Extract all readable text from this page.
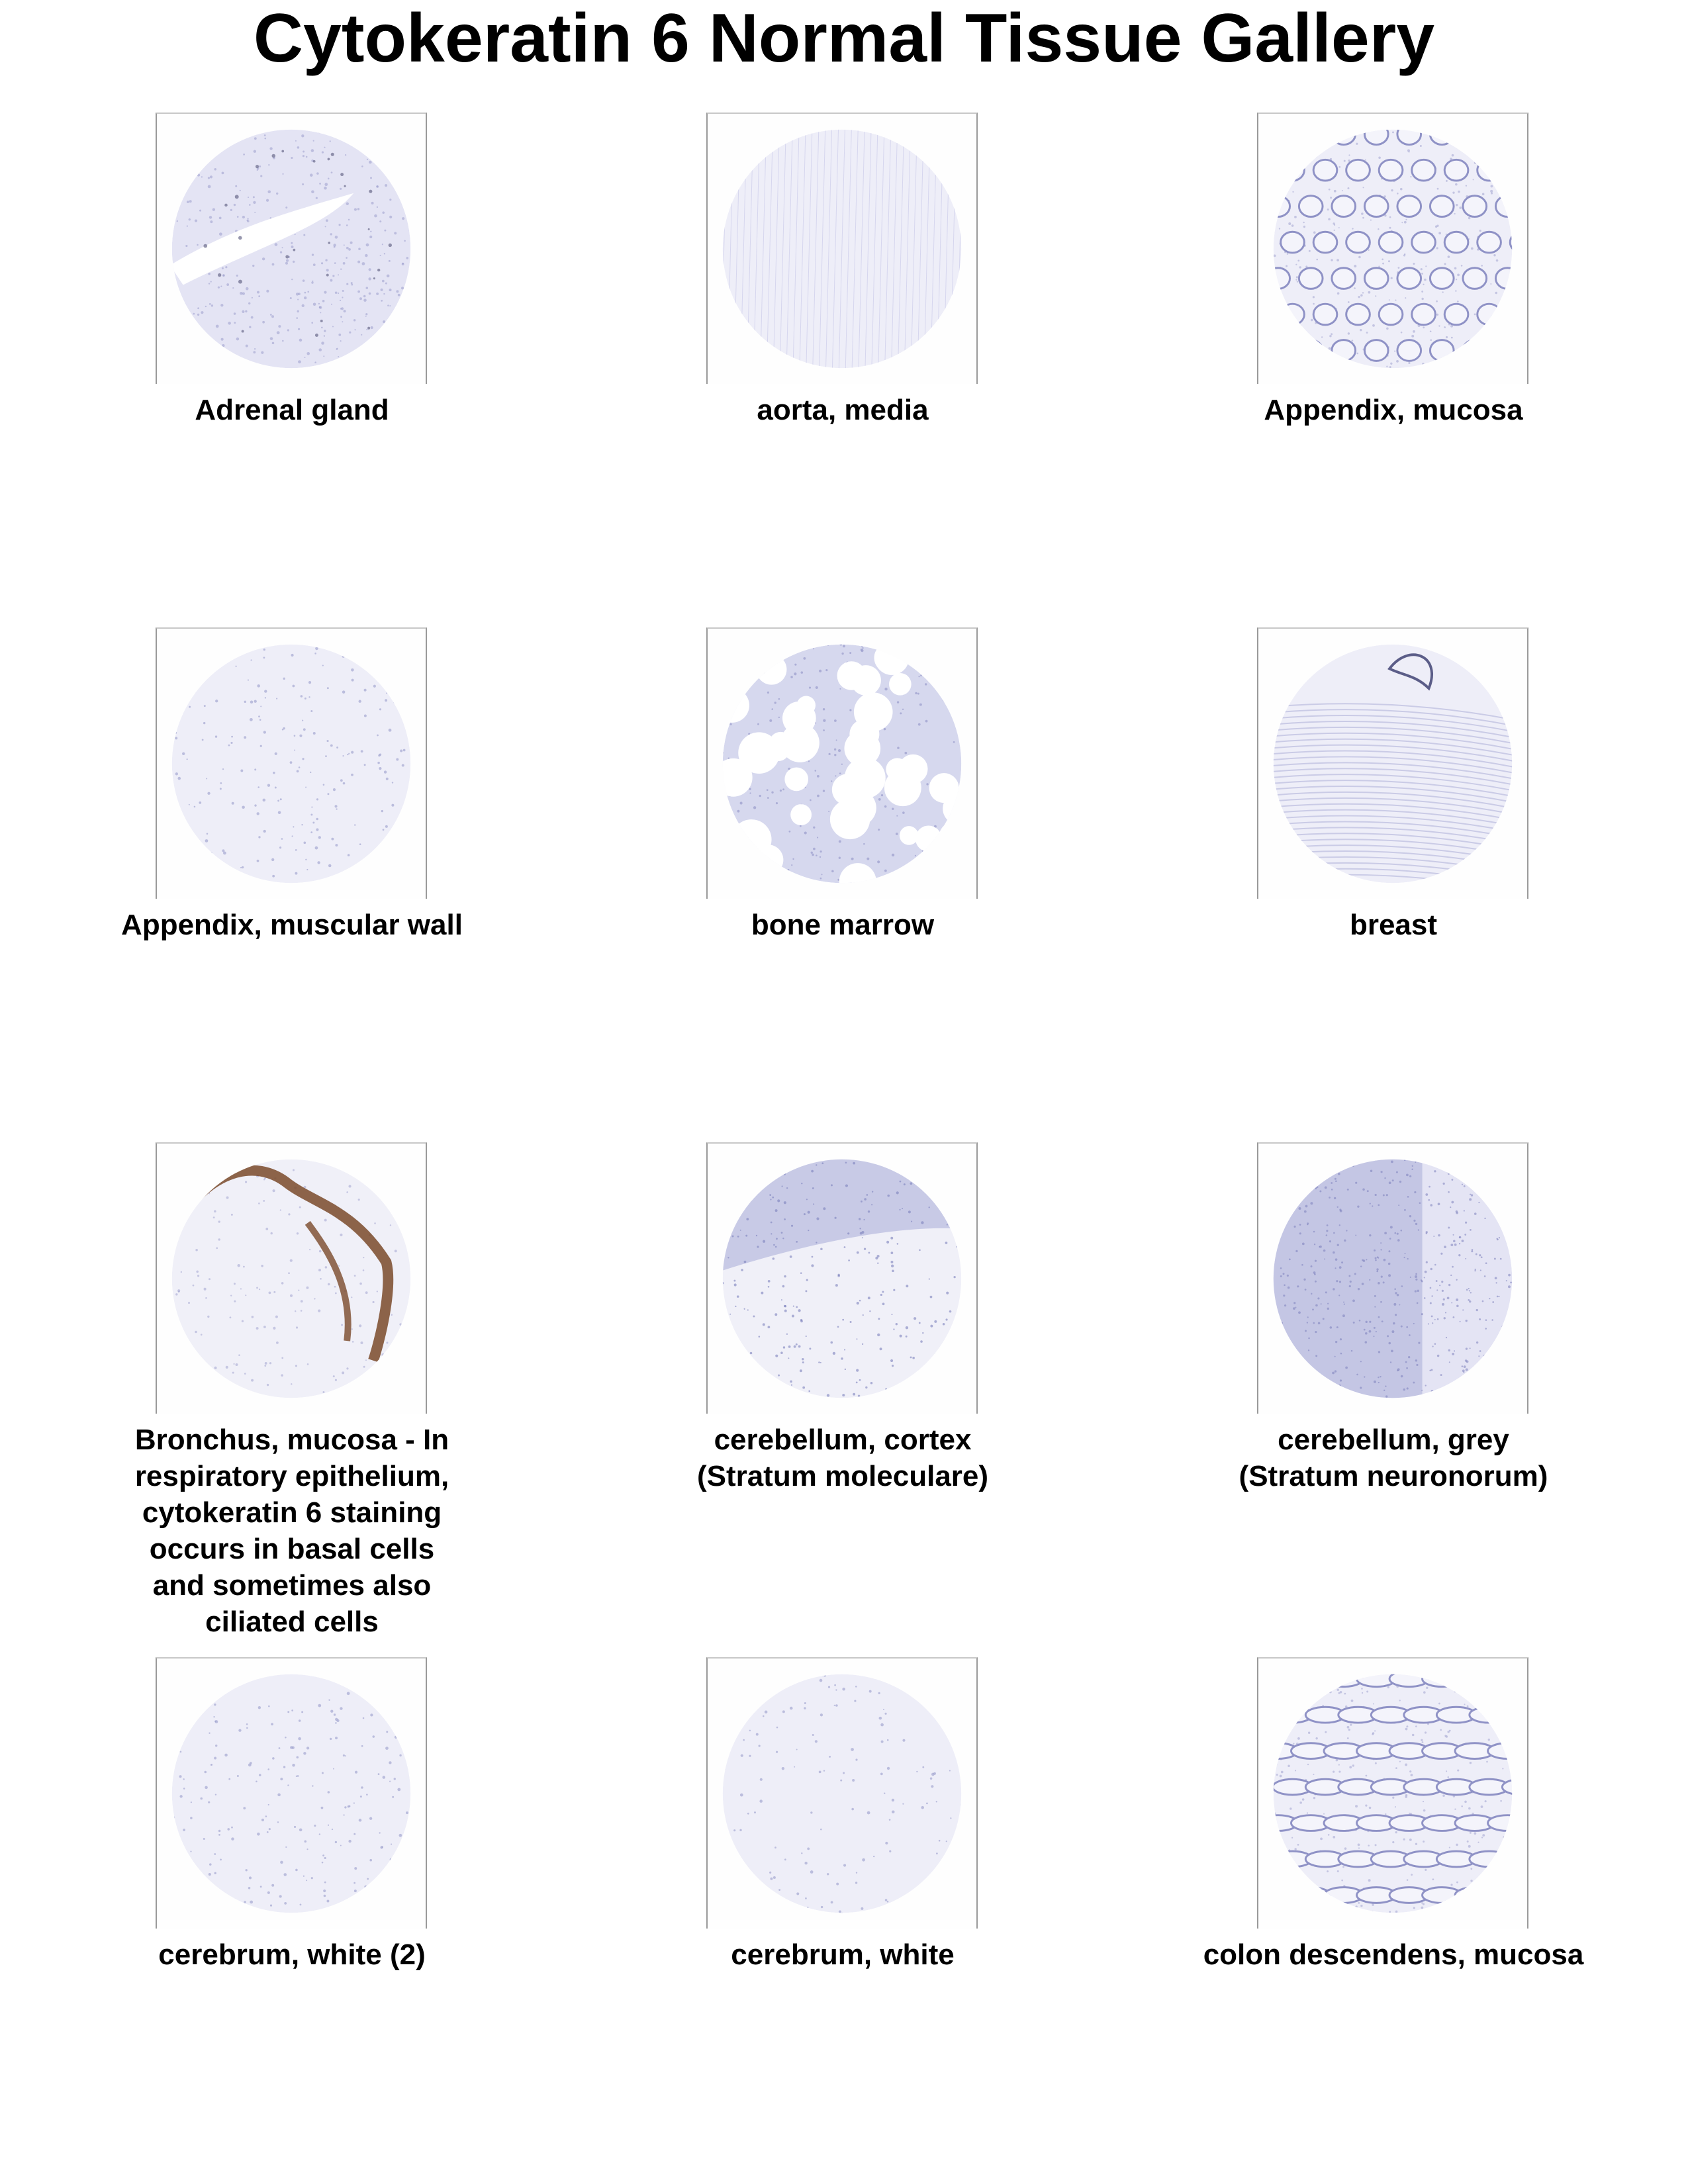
Cytokeratin 6 Normal Tissue Gallery
Adrenal gland	aorta, media	Appendix, mucosa
Appendix, muscular wall	bone marrow	breast
Bronchus, mucosa - In respiratory epithelium, cytokeratin 6 staining occurs in basal cells and sometimes also ciliated cells
cerebellum, cortex (Stratum moleculare)
cerebellum, grey (Stratum neuronorum)
cerebrum, white (2)	cerebrum, white	colon descendens, mucosa
